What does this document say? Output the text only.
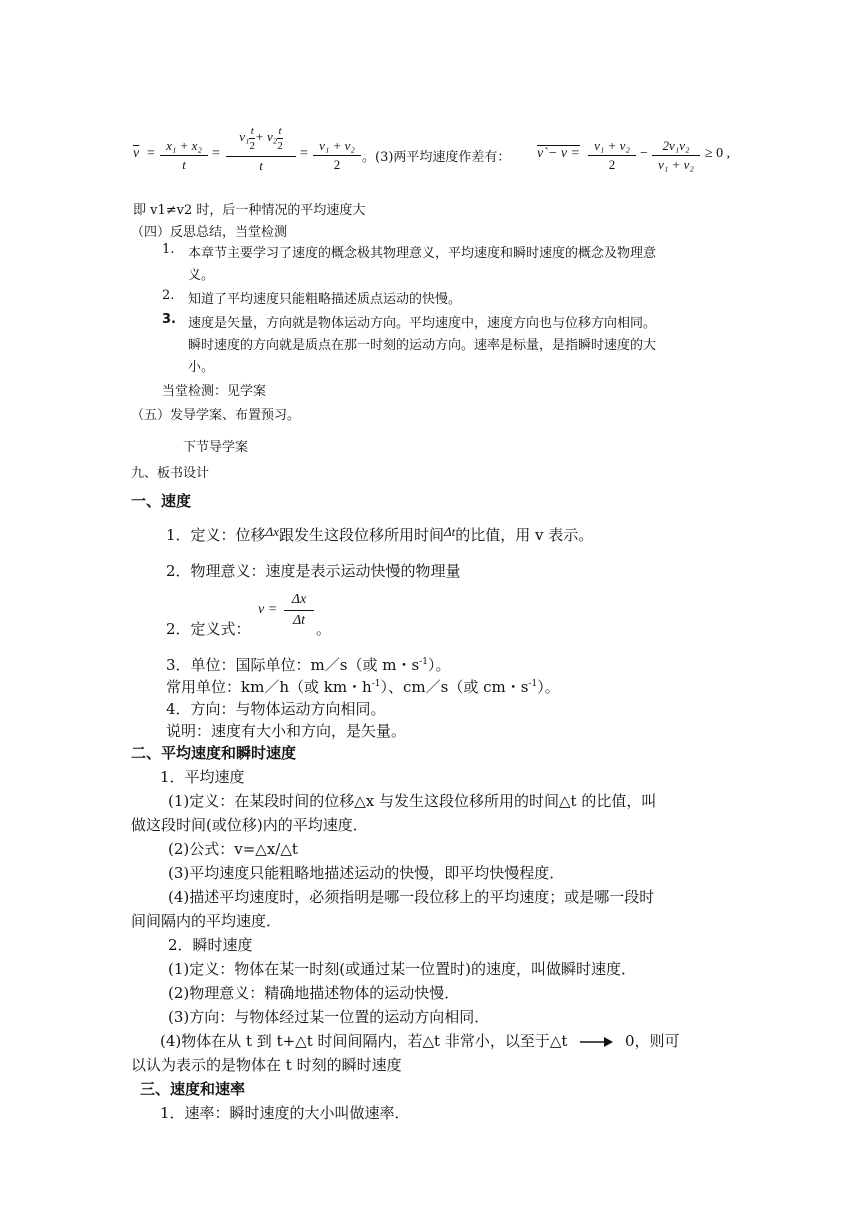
$\overline{v}$ =
x₁ + x₂
t
=
$v_1 \frac{t}{2} + v_2 \frac{t}{2}$
t
=
v₁ + v₂
2	。(3)两平均速度作差有： v`− v =
v₁ + v₂
2
−
2v₁v₂
v₁ + v₂
≥ 0 ,
即 v1≠v2 时，后一种情况的平均速度大
（四）反思总结，当堂检测
1. 本章节主要学习了速度的概念极其物理意义，平均速度和瞬时速度的概念及物理意
义。
2. 知道了平均速度只能粗略描述质点运动的快慢。
3. 速度是矢量，方向就是物体运动方向。平均速度中，速度方向也与位移方向相同。
瞬时速度的方向就是质点在那一时刻的运动方向。速率是标量，是指瞬时速度的大
小。
当堂检测：见学案
（五）发导学案、布置预习。
下节导学案
九、板书设计
一、速度
1．定义：位移Δx跟发生这段位移所用时间Δt的比值，用 v 表示。
2．物理意义：速度是表示运动快慢的物理量
2．定义式：
v =
Δx
Δt 。
3．单位：国际单位：m／s（或 m・$s^{-1}$）。
常用单位：km／h（或 km・$h^{-1}$）、cm／s（或 cm・$s^{-1}$）。
4．方向：与物体运动方向相同。
说明：速度有大小和方向，是矢量。
二、平均速度和瞬时速度
1．平均速度
(1)定义：在某段时间的位移△x 与发生这段位移所用的时间△t 的比值，叫
做这段时间(或位移)内的平均速度．
(2)公式：v=△x/△t
(3)平均速度只能粗略地描述运动的快慢，即平均快慢程度．
(4)描述平均速度时，必须指明是哪一段位移上的平均速度；或是哪一段时
间间隔内的平均速度．
2．瞬时速度
(1)定义：物体在某一时刻(或通过某一位置时)的速度，叫做瞬时速度．
(2)物理意义：精确地描述物体的运动快慢．
(3)方向：与物体经过某一位置的运动方向相同．
(4)物体在从 t 到 t+△t 时间间隔内，若△t 非常小，以至于△t	0，则可
以认为表示的是物体在 t 时刻的瞬时速度
三、速度和速率
1．速率：瞬时速度的大小叫做速率．
